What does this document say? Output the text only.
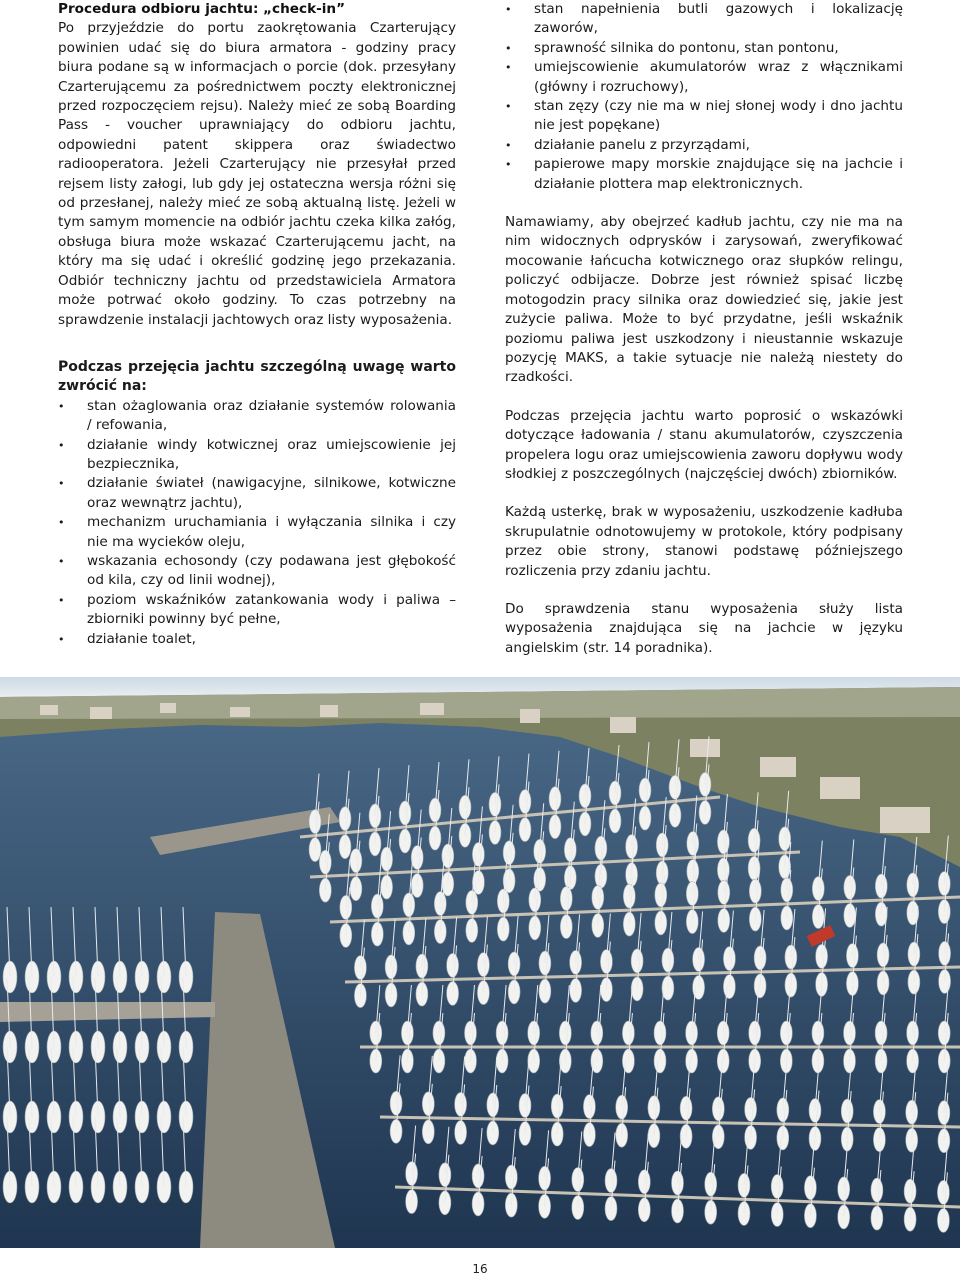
Procedura odbioru jachtu: „check-in”

Po przyjeździe do portu zaokrętowania Czarterujący powinien udać się do biura armatora - godziny pracy biura podane są w informacjach o porcie (dok. przesyłany Czarterującemu za pośrednictwem poczty elektronicznej przed rozpoczęciem rejsu). Należy mieć ze sobą Boarding Pass - voucher uprawniający do odbioru jachtu, odpowiedni patent skippera oraz świadectwo radiooperatora. Jeżeli Czarterujący nie przesyłał przed rejsem listy załogi, lub gdy jej ostateczna wersja różni się od przesłanej, należy mieć ze sobą aktualną listę. Jeżeli w tym samym momencie na odbiór jachtu czeka kilka załóg, obsługa biura może wskazać Czarterującemu jacht, na który ma się udać i określić godzinę jego przekazania. Odbiór techniczny jachtu od przedstawiciela Armatora może potrwać około godziny. To czas potrzebny na sprawdzenie instalacji jachtowych oraz listy wyposażenia.

Podczas przejęcia jachtu szczególną uwagę warto zwrócić na:

• stan ożaglowania oraz działanie systemów rolowania / refowania,
• działanie windy kotwicznej oraz umiejscowienie jej bezpiecznika,
• działanie świateł (nawigacyjne, silnikowe, kotwiczne oraz wewnątrz jachtu),
• mechanizm uruchamiania i wyłączania silnika i czy nie ma wycieków oleju,
• wskazania echosondy (czy podawana jest głębokość od kila, czy od linii wodnej),
• poziom wskaźników zatankowania wody i paliwa – zbiorniki powinny być pełne,
• działanie toalet,
• stan napełnienia butli gazowych i lokalizację zaworów,
• sprawność silnika do pontonu, stan pontonu,
• umiejscowienie akumulatorów wraz z włącznikami (główny i rozruchowy),
• stan zęzy (czy nie ma w niej słonej wody i dno jachtu nie jest popękane)
• działanie panelu z przyrządami,
• papierowe mapy morskie znajdujące się na jachcie i działanie plottera map elektronicznych.

Namawiamy, aby obejrzeć kadłub jachtu, czy nie ma na nim widocznych odprysków i zarysowań, zweryfikować mocowanie łańcucha kotwicznego oraz słupków relingu, policzyć odbijacze. Dobrze jest również spisać liczbę motogodzin pracy silnika oraz dowiedzieć się, jakie jest zużycie paliwa. Może to być przydatne, jeśli wskaźnik poziomu paliwa jest uszkodzony i nieustannie wskazuje pozycję MAKS, a takie sytuacje nie należą niestety do rzadkości.

Podczas przejęcia jachtu warto poprosić o wskazówki dotyczące ładowania / stanu akumulatorów, czyszczenia propelera logu oraz umiejscowienia zaworu dopływu wody słodkiej z poszczególnych (najczęściej dwóch) zbiorników.

Każdą usterkę, brak w wyposażeniu, uszkodzenie kadłuba skrupulatnie odnotowujemy w protokole, który podpisany przez obie strony, stanowi podstawę późniejszego rozliczenia przy zdaniu jachtu.

Do sprawdzenia stanu wyposażenia służy lista wyposażenia znajdująca się na jachcie w języku angielskim (str. 14 poradnika).

16
